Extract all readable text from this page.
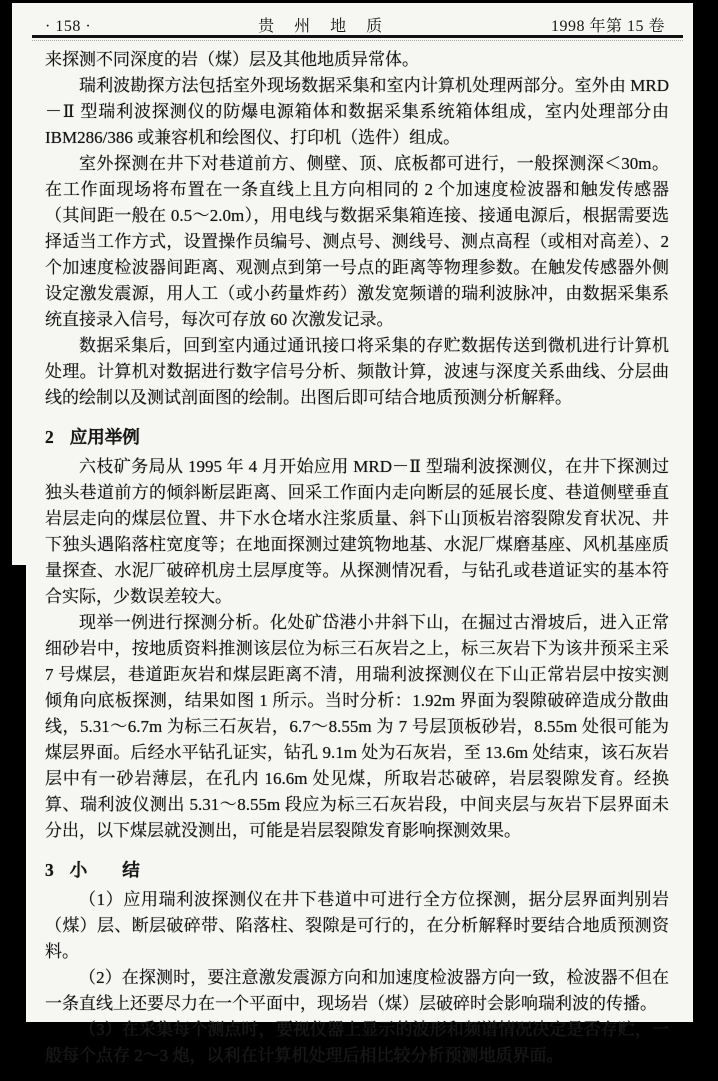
· 158 ·	贵　州　地　质	1998 年第 15 卷

来探测不同深度的岩（煤）层及其他地质异常体。

瑞利波勘探方法包括室外现场数据采集和室内计算机处理两部分。室外由 MRD－Ⅱ 型瑞利波探测仪的防爆电源箱体和数据采集系统箱体组成，室内处理部分由 IBM286/386 或兼容机和绘图仪、打印机（选件）组成。

室外探测在井下对巷道前方、侧壁、顶、底板都可进行，一般探测深＜30m。在工作面现场将布置在一条直线上且方向相同的 2 个加速度检波器和触发传感器（其间距一般在 0.5～2.0m），用电线与数据采集箱连接、接通电源后，根据需要选择适当工作方式，设置操作员编号、测点号、测线号、测点高程（或相对高差）、2 个加速度检波器间距离、观测点到第一号点的距离等物理参数。在触发传感器外侧设定激发震源，用人工（或小药量炸药）激发宽频谱的瑞利波脉冲，由数据采集系统直接录入信号，每次可存放 60 次激发记录。

数据采集后，回到室内通过通讯接口将采集的存贮数据传送到微机进行计算机处理。计算机对数据进行数字信号分析、频散计算，波速与深度关系曲线、分层曲线的绘制以及测试剖面图的绘制。出图后即可结合地质预测分析解释。

2 应用举例

六枝矿务局从 1995 年 4 月开始应用 MRD－Ⅱ 型瑞利波探测仪，在井下探测过独头巷道前方的倾斜断层距离、回采工作面内走向断层的延展长度、巷道侧壁垂直岩层走向的煤层位置、井下水仓堵水注浆质量、斜下山顶板岩溶裂隙发育状况、井下独头遇陷落柱宽度等；在地面探测过建筑物地基、水泥厂煤磨基座、风机基座质量探查、水泥厂破碎机房土层厚度等。从探测情况看，与钻孔或巷道证实的基本符合实际，少数误差较大。

现举一例进行探测分析。化处矿岱港小井斜下山，在掘过古滑坡后，进入正常细砂岩中，按地质资料推测该层位为标三石灰岩之上，标三灰岩下为该井预采主采 7 号煤层，巷道距灰岩和煤层距离不清，用瑞利波探测仪在下山正常岩层中按实测倾角向底板探测，结果如图 1 所示。当时分析：1.92m 界面为裂隙破碎造成分散曲线，5.31～6.7m 为标三石灰岩，6.7～8.55m 为 7 号层顶板砂岩，8.55m 处很可能为煤层界面。后经水平钻孔证实，钻孔 9.1m 处为石灰岩，至 13.6m 处结束，该石灰岩层中有一砂岩薄层，在孔内 16.6m 处见煤，所取岩芯破碎，岩层裂隙发育。经换算、瑞利波仪测出 5.31～8.55m 段应为标三石灰岩段，中间夹层与灰岩下层界面未分出，以下煤层就没测出，可能是岩层裂隙发育影响探测效果。

3 小　　结

（1）应用瑞利波探测仪在井下巷道中可进行全方位探测，据分层界面判别岩（煤）层、断层破碎带、陷落柱、裂隙是可行的，在分析解释时要结合地质预测资料。

（2）在探测时，要注意激发震源方向和加速度检波器方向一致，检波器不但在一条直线上还要尽力在一个平面中，现场岩（煤）层破碎时会影响瑞利波的传播。

（3）在采集每个测点时，要视仪器上显示的波形和频谱情况决定是否存贮，一般每个点存 2～3 炮，以利在计算机处理后相比较分析预测地质界面。
